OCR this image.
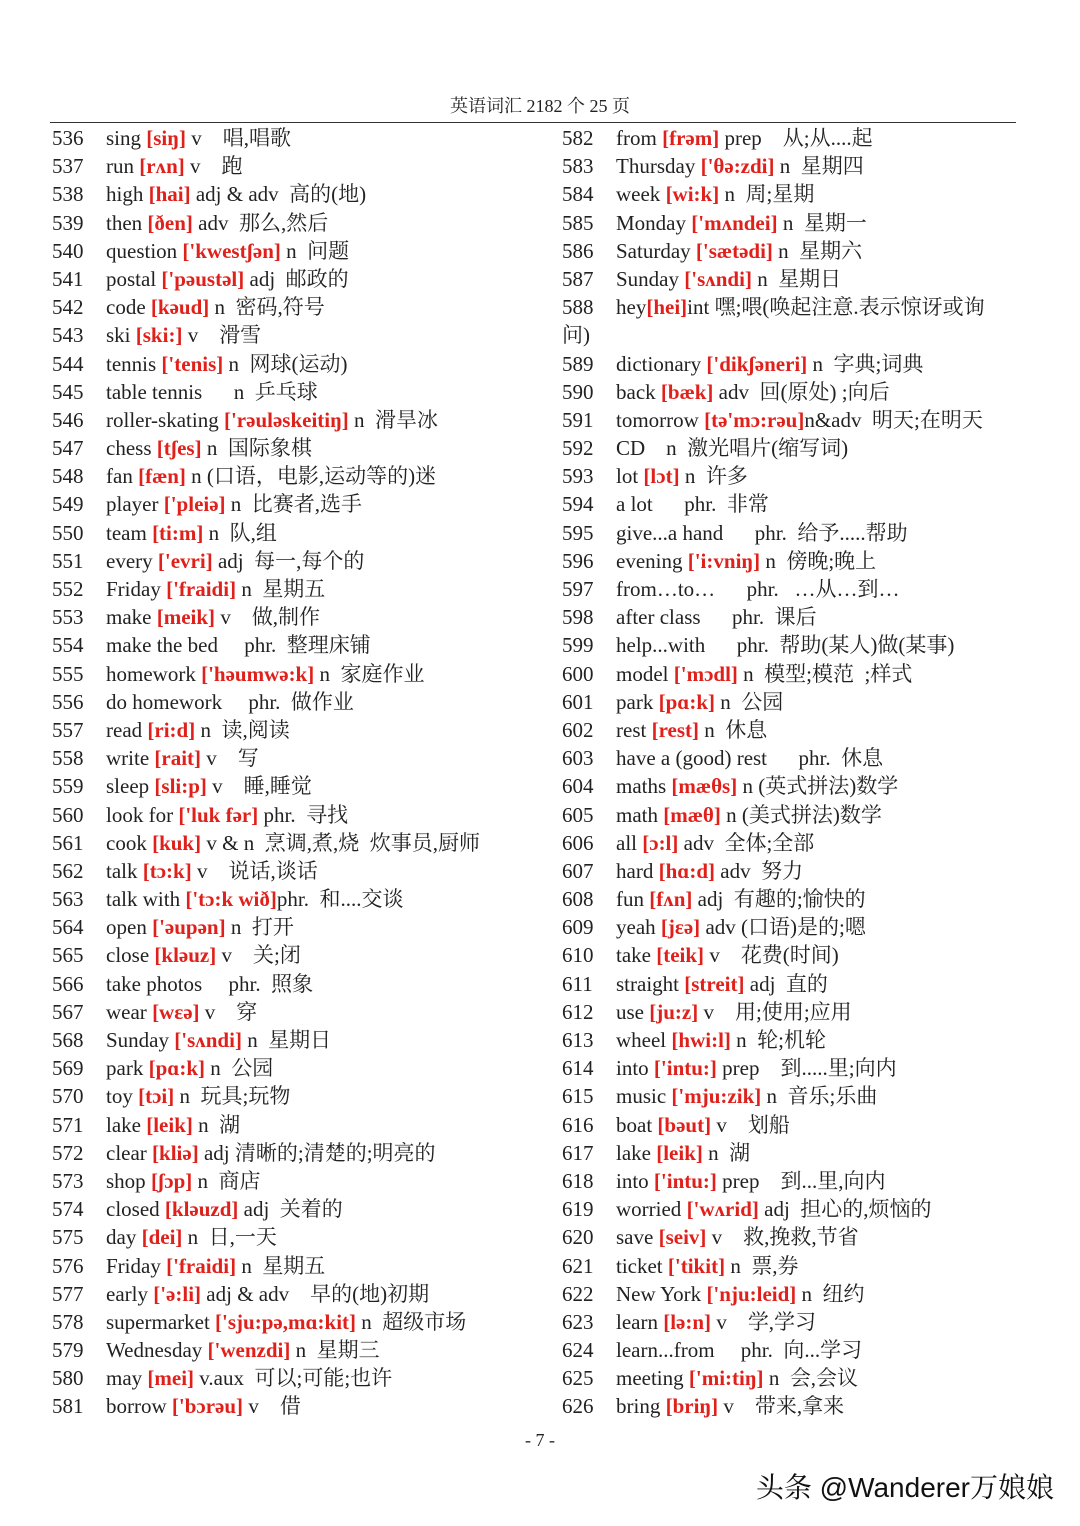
英语词汇 2182 个 25 页
536 sing [siŋ] v    唱,唱歌
537 run [rʌn] v    跑
538 high [hai] adj & adv  高的(地)
539 then [ðen] adv  那么,然后
540 question ['kwestʃən] n  问题
541 postal ['pəustəl] adj  邮政的
542 code [kəud] n  密码,符号
543 ski [ski:] v    滑雪
544 tennis ['tenis] n  网球(运动)
545 table tennis      n  乒乓球
546 roller-skating ['rəuləskeitiŋ] n  滑旱冰
547 chess [tʃes] n  国际象棋
548 fan [fæn] n (口语，电影,运动等的)迷
549 player ['pleiə] n  比赛者,选手
550 team [ti:m] n  队,组
551 every ['evri] adj  每一,每个的
552 Friday ['fraidi] n  星期五
553 make [meik] v    做,制作
554 make the bed     phr.  整理床铺
555 homework ['həumwə:k] n  家庭作业
556 do homework     phr.  做作业
557 read [ri:d] n  读,阅读
558 write [rait] v    写
559 sleep [sli:p] v    睡,睡觉
560 look for ['luk fər] phr.  寻找
561 cook [kuk] v & n  烹调,煮,烧  炊事员,厨师
562 talk [tɔ:k] v    说话,谈话
563 talk with ['tɔ:k wið]phr.  和....交谈
564 open ['əupən] n  打开
565 close [kləuz] v    关;闭
566 take photos     phr.  照象
567 wear [wεə] v    穿
568 Sunday ['sʌndi] n  星期日
569 park [pɑ:k] n  公园
570 toy [tɔi] n  玩具;玩物
571 lake [leik] n  湖
572 clear [kliə] adj 清晰的;清楚的;明亮的
573 shop [ʃɔp] n  商店
574 closed [kləuzd] adj  关着的
575 day [dei] n  日,一天
576 Friday ['fraidi] n  星期五
577 early ['ə:li] adj & adv    早的(地)初期
578 supermarket ['sju:pə,mɑ:kit] n  超级市场
579 Wednesday ['wenzdi] n  星期三
580 may [mei] v.aux  可以;可能;也许
581 borrow ['bɔrəu] v    借
582 from [frəm] prep    从;从....起
583 Thursday ['θə:zdi] n  星期四
584 week [wi:k] n  周;星期
585 Monday ['mʌndei] n  星期一
586 Saturday ['sætədi] n  星期六
587 Sunday ['sʌndi] n  星期日
588 hey[hei]int 嘿;喂(唤起注意.表示惊讶或询
问)
589 dictionary ['dikʃəneri] n  字典;词典
590 back [bæk] adv  回(原处) ;向后
591 tomorrow [tə'mɔ:rəu]n&adv  明天;在明天
592 CD    n  激光唱片(缩写词)
593 lot [lɔt] n  许多
594 a lot      phr.  非常
595 give...a hand      phr.  给予.....帮助
596 evening ['i:vniŋ] n  傍晚;晚上
597 from…to…      phr.   …从…到…
598 after class      phr.  课后
599 help...with      phr.  帮助(某人)做(某事)
600 model ['mɔdl] n  模型;模范  ;样式
601 park [pɑ:k] n  公园
602 rest [rest] n  休息
603 have a (good) rest      phr.  休息
604 maths [mæθs] n (英式拼法)数学
605 math [mæθ] n (美式拼法)数学
606 all [ɔ:l] adv  全体;全部
607 hard [hɑ:d] adv  努力
608 fun [fʌn] adj  有趣的;愉快的
609 yeah [jεə] adv (口语)是的;嗯
610 take [teik] v    花费(时间)
611 straight [streit] adj  直的
612 use [ju:z] v    用;使用;应用
613 wheel [hwi:l] n  轮;机轮
614 into ['intu:] prep    到.....里;向内
615 music ['mju:zik] n  音乐;乐曲
616 boat [bəut] v    划船
617 lake [leik] n  湖
618 into ['intu:] prep    到...里,向内
619 worried ['wʌrid] adj  担心的,烦恼的
620 save [seiv] v    救,挽救,节省
621 ticket ['tikit] n  票,券
622 New York ['nju:leid] n  纽约
623 learn [lə:n] v    学,学习
624 learn...from     phr.  向...学习
625 meeting ['mi:tiŋ] n  会,会议
626 bring [briŋ] v    带来,拿来
- 7 -
头条 @Wanderer万娘娘
